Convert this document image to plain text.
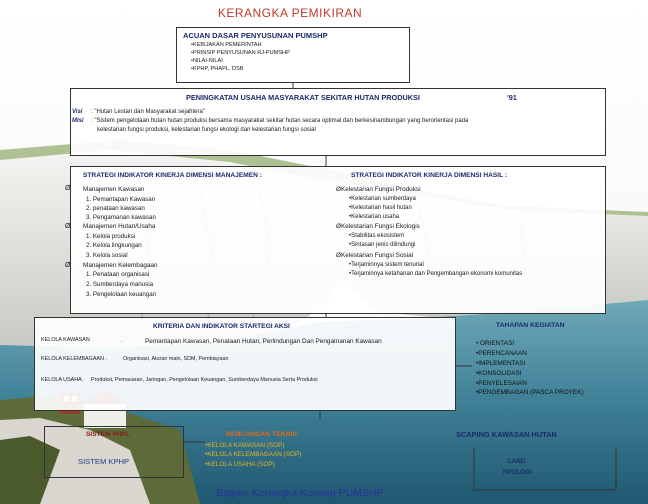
KERANGKA PEMIKIRAN
ACUAN DASAR PENYUSUNAN PUMSHP
•KEBIJAKAN PEMERINTAH
•PRINSIP PENYUSUNAN RJ-PUMSHP
•NILAI-NILAI
•KPHP, PHAPL, DSB
PENINGKATAN USAHA MASYARAKAT SEKITAR HUTAN PRODUKSI	'91
Visi : "Hutan Lestari dan Masyarakat sejahtera"
Misi : "Sistem pengelolaan hutan hutan produksi bersama masyarakat sekitar hutan secara optimal dan berkesinambungan yang berorientasi pada
kelestarian fungsi produksi, kelestarian fungsi ekologi dan kelestarian fungsi sosial
STRATEGI INDIKATOR KINERJA DIMENSI MANAJEMEN :
Ø Manajemen Kawasan
1. Pemantapan Kawasan
2. penataan kawasan
3. Pengamanan kawasan
Ø Manajemen Hutan/Usaha
1. Kelola produksi
2. Kelola lingkungan
3. Kelola sosial
Ø Manajemen Kelembagaan
1. Penataan organisasi
2. Sumberdaya manusia
3. Pengelolaan keuangan
STRATEGI INDIKATOR KINERJA DIMENSI HASIL :
ØKelestarian Fungsi Produksi
•Kelestarian sumberdaya
•Kelestarian hasil hutan
•Kelestarian usaha
ØKelestarian Fungsi Ekologis
•Stabilitas ekosistem
•Sintasan jenis dilindungi
ØKelestarian Fungsi Sosial
•Terjaminnya sistem tenurial
•Terjaminnya ketahanan dan Pengembangan ekonomi komunitas
KRITERIA DAN INDIKATOR STARTEGI AKSI
KELOLA KAWASAN	.	Pemantapan Kawasan, Penataan Hutan, Perlindungan Dan Pengamanan Kawasan
KELOLA KELEMBAGAAN .	Organisasi, Aturan main, SDM, Pembiayaan
KELOLA USAHA . Produksi, Pemasaran, Jaringan, Pengelolaan Keuangan, Sumberdaya Manusia Serta Produksi
TAHAPAN KEGIATAN
• ORIENTASI
•PERENCANAAN
•IMPLEMENTASI
•KONSOLIDASI
•PENYELESAIAN
•PENGEMBAGAN (PASCA PROYEK)
SISTEM PHPL
SISTEM KPHP
RENCANGAN TEKNIS
•KELOLA KAWASAN (SOP)
•KELOLA KELEMBAGAAN (SOP)
•KELOLA USAHA (SOP)
SCAPING KAWASAN HUTAN
LAND
TIPOLOGI
Bagan. Kerangka Konsep PUMSHP
